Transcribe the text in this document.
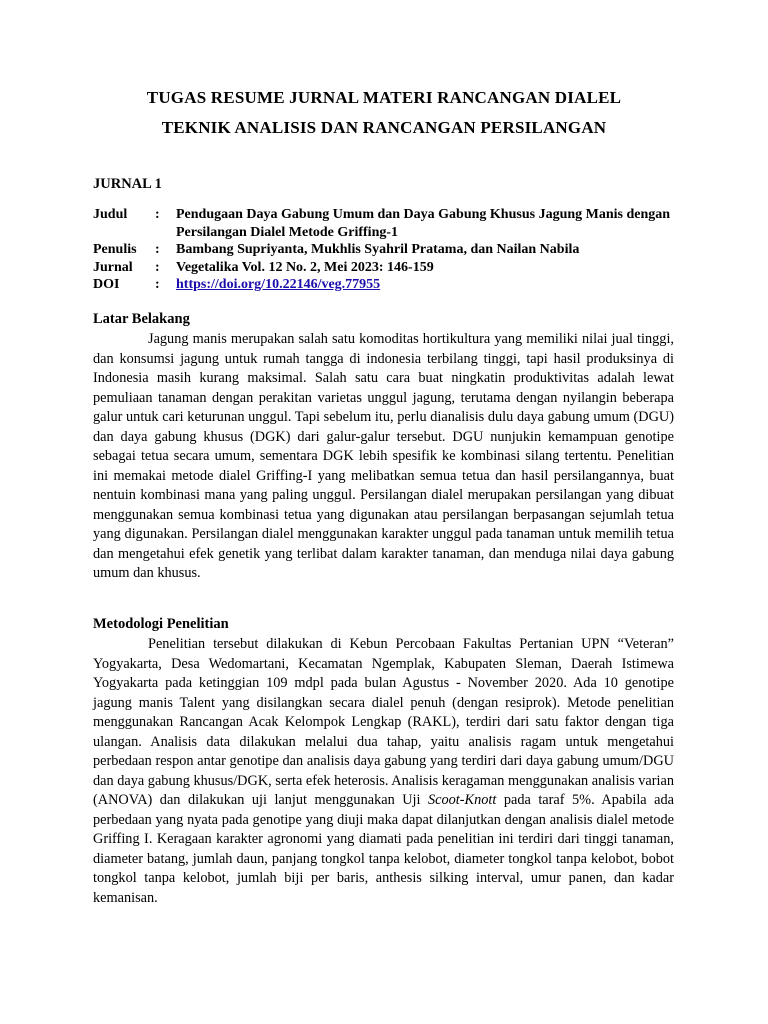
TUGAS RESUME JURNAL MATERI RANCANGAN DIALEL
TEKNIK ANALISIS DAN RANCANGAN PERSILANGAN
JURNAL 1
Judul	:	Pendugaan Daya Gabung Umum dan Daya Gabung Khusus Jagung Manis dengan Persilangan Dialel Metode Griffing-1
Penulis	:	Bambang Supriyanta, Mukhlis Syahril Pratama, dan Nailan Nabila
Jurnal	:	Vegetalika Vol. 12 No. 2, Mei 2023: 146-159
DOI	:	https://doi.org/10.22146/veg.77955
Latar Belakang

Jagung manis merupakan salah satu komoditas hortikultura yang memiliki nilai jual tinggi, dan konsumsi jagung untuk rumah tangga di indonesia terbilang tinggi, tapi hasil produksinya di Indonesia masih kurang maksimal. Salah satu cara buat ningkatin produktivitas adalah lewat pemuliaan tanaman dengan perakitan varietas unggul jagung, terutama dengan nyilangin beberapa galur untuk cari keturunan unggul. Tapi sebelum itu, perlu dianalisis dulu daya gabung umum (DGU) dan daya gabung khusus (DGK) dari galur-galur tersebut. DGU nunjukin kemampuan genotipe sebagai tetua secara umum, sementara DGK lebih spesifik ke kombinasi silang tertentu. Penelitian ini memakai metode dialel Griffing-I yang melibatkan semua tetua dan hasil persilangannya, buat nentuin kombinasi mana yang paling unggul. Persilangan dialel merupakan persilangan yang dibuat menggunakan semua kombinasi tetua yang digunakan atau persilangan berpasangan sejumlah tetua yang digunakan. Persilangan dialel menggunakan karakter unggul pada tanaman untuk memilih tetua dan mengetahui efek genetik yang terlibat dalam karakter tanaman, dan menduga nilai daya gabung umum dan khusus.

Metodologi Penelitian

Penelitian tersebut dilakukan di Kebun Percobaan Fakultas Pertanian UPN “Veteran” Yogyakarta, Desa Wedomartani, Kecamatan Ngemplak, Kabupaten Sleman, Daerah Istimewa Yogyakarta pada ketinggian 109 mdpl pada bulan Agustus - November 2020. Ada 10 genotipe jagung manis Talent yang disilangkan secara dialel penuh (dengan resiprok). Metode penelitian menggunakan Rancangan Acak Kelompok Lengkap (RAKL), terdiri dari satu faktor dengan tiga ulangan. Analisis data dilakukan melalui dua tahap, yaitu analisis ragam untuk mengetahui perbedaan respon antar genotipe dan analisis daya gabung yang terdiri dari daya gabung umum/DGU dan daya gabung khusus/DGK, serta efek heterosis. Analisis keragaman menggunakan analisis varian (ANOVA) dan dilakukan uji lanjut menggunakan Uji Scoot-Knott pada taraf 5%. Apabila ada perbedaan yang nyata pada genotipe yang diuji maka dapat dilanjutkan dengan analisis dialel metode Griffing I. Keragaan karakter agronomi yang diamati pada penelitian ini terdiri dari tinggi tanaman, diameter batang, jumlah daun, panjang tongkol tanpa kelobot, diameter tongkol tanpa kelobot, bobot tongkol tanpa kelobot, jumlah biji per baris, anthesis silking interval, umur panen, dan kadar kemanisan.
